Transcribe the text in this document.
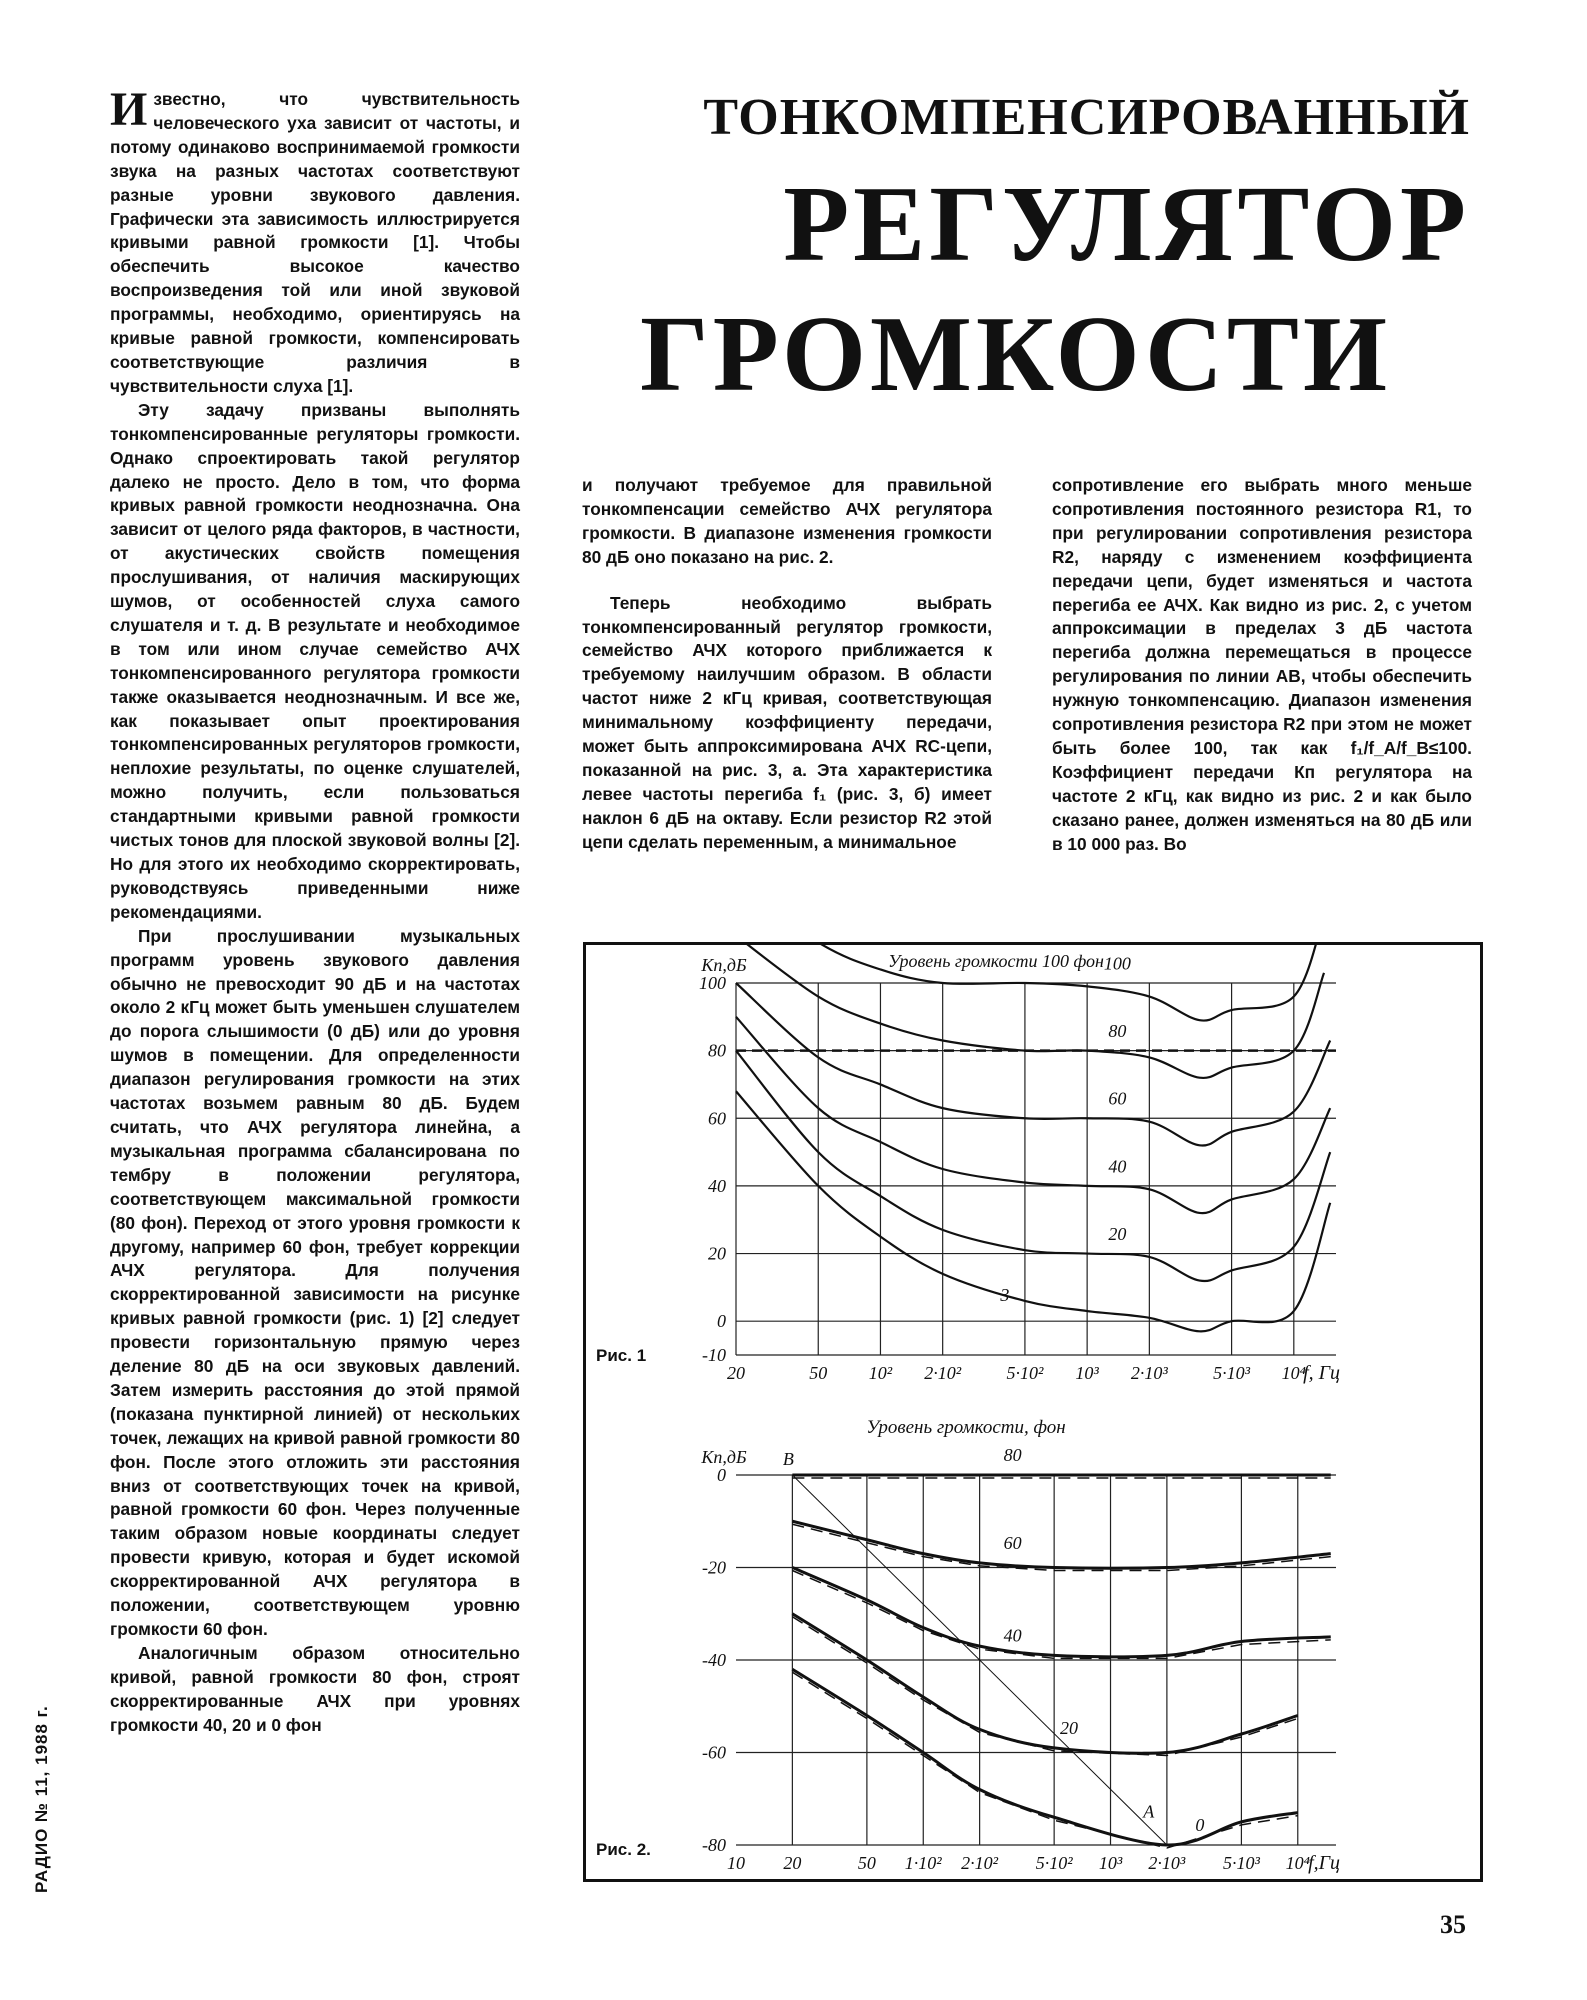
ТОНКОМПЕНСИРОВАННЫЙ
РЕГУЛЯТОР
ГРОМКОСТИ

Известно, что чувствительность человеческого уха зависит от частоты, и потому одинаково воспринимаемой громкости звука на разных частотах соответствуют разные уровни звукового давления. Графически эта зависимость иллюстрируется кривыми равной громкости [1]. Чтобы обеспечить высокое качество воспроизведения той или иной звуковой программы, необходимо, ориентируясь на кривые равной громкости, компенсировать соответствующие различия в чувствительности слуха [1].

Эту задачу призваны выполнять тонкомпенсированные регуляторы громкости. Однако спроектировать такой регулятор далеко не просто. Дело в том, что форма кривых равной громкости неоднозначна. Она зависит от целого ряда факторов, в частности, от акустических свойств помещения прослушивания, от наличия маскирующих шумов, от особенностей слуха самого слушателя и т. д. В результате и необходимое в том или ином случае семейство АЧХ тонкомпенсированного регулятора громкости также оказывается неоднозначным. И все же, как показывает опыт проектирования тонкомпенсированных регуляторов громкости, неплохие результаты, по оценке слушателей, можно получить, если пользоваться стандартными кривыми равной громкости чистых тонов для плоской звуковой волны [2]. Но для этого их необходимо скорректировать, руководствуясь приведенными ниже рекомендациями.

При прослушивании музыкальных программ уровень звукового давления обычно не превосходит 90 дБ и на частотах около 2 кГц может быть уменьшен слушателем до порога слышимости (0 дБ) или до уровня шумов в помещении. Для определенности диапазон регулирования громкости на этих частотах возьмем равным 80 дБ. Будем считать, что АЧХ регулятора линейна, а музыкальная программа сбалансирована по тембру в положении регулятора, соответствующем максимальной громкости (80 фон). Переход от этого уровня громкости к другому, например 60 фон, требует коррекции АЧХ регулятора. Для получения скорректированной зависимости на рисунке кривых равной громкости (рис. 1) [2] следует провести горизонтальную прямую через деление 80 дБ на оси звуковых давлений. Затем измерить расстояния до этой прямой (показана пунктирной линией) от нескольких точек, лежащих на кривой равной громкости 80 фон. После этого отложить эти расстояния вниз от соответствующих точек на кривой, равной громкости 60 фон. Через полученные таким образом новые координаты следует провести кривую, которая и будет искомой скорректированной АЧХ регулятора в положении, соответствующем уровню громкости 60 фон.

Аналогичным образом относительно кривой, равной громкости 80 фон, строят скорректированные АЧХ при уровнях громкости 40, 20 и 0 фон

и получают требуемое для правильной тонкомпенсации семейство АЧХ регулятора громкости. В диапазоне изменения громкости 80 дБ оно показано на рис. 2.

Теперь необходимо выбрать тонкомпенсированный регулятор громкости, семейство АЧХ которого приближается к требуемому наилучшим образом. В области частот ниже 2 кГц кривая, соответствующая минимальному коэффициенту передачи, может быть аппроксимирована АЧХ RC-цепи, показанной на рис. 3, а. Эта характеристика левее частоты перегиба f₁ (рис. 3, б) имеет наклон 6 дБ на октаву. Если резистор R2 этой цепи сделать переменным, а минимальное

сопротивление его выбрать много меньше сопротивления постоянного резистора R1, то при регулировании сопротивления резистора R2, наряду с изменением коэффициента передачи цепи, будет изменяться и частота перегиба ее АЧХ. Как видно из рис. 2, с учетом аппроксимации в пределах 3 дБ частота перегиба должна перемещаться в процессе регулирования по линии АВ, чтобы обеспечить нужную тонкомпенсацию. Диапазон изменения сопротивления резистора R2 при этом не может быть более 100, так как f₁/f_A/f_B≤100. Коэффициент передачи Кп регулятора на частоте 2 кГц, как видно из рис. 2 и как было сказано ранее, должен изменяться на 80 дБ или в 10 000 раз. Во

20	50 10² 2·10²	5·10² 10³ 2·10³	5·10³ 10⁴
100
80
60
40
20
0
-10
Кп,дБ
f, Гц
Рис. 1
100
80
60
40
20
3
Уровень громкости 100 фон
10 20	50 1·10² 2·10² 5·10² 10³ 2·10³ 5·10³ 10⁴
0
-20
-40
-60
-80
Кп,дБ
f,Гц
Рис. 2.
80
60
40
20
0
Уровень громкости, фон
B
A
РАДИО № 11, 1988 г.
35
